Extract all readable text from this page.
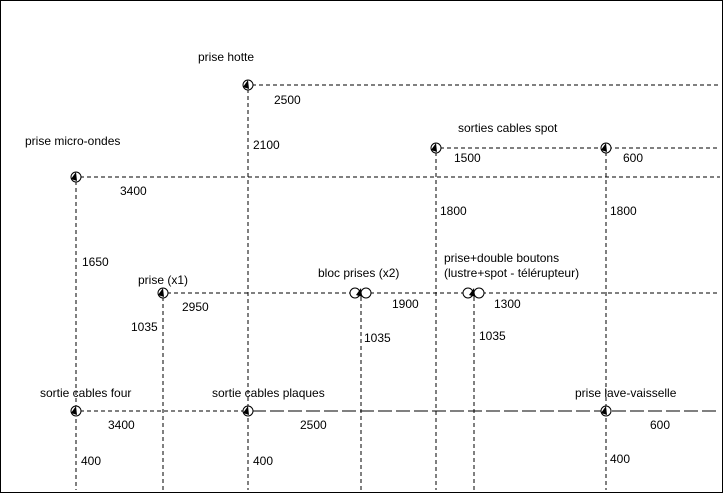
prise hotte
prise micro-ondes
sorties cables spot
prise (x1)	bloc prises (x2)
prise+double boutons
(lustre+spot - télérupteur)
sortie cables four	sortie cables plaques	prise lave-vaisselle
2500
2100
1500	600
3400
1800	1800
1650
2950	1900	1300
1035
1035	1035
3400	2500	600
400	400	400
